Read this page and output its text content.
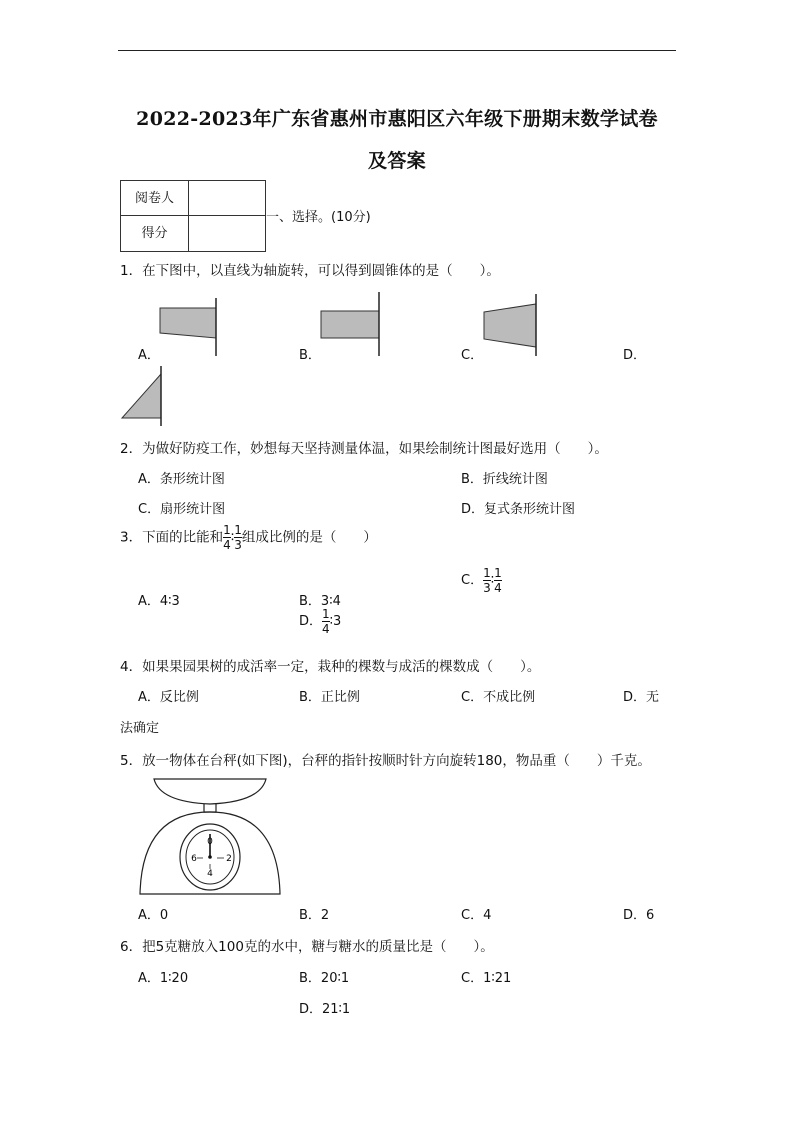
2022-2023年广东省惠州市惠阳区六年级下册期末数学试卷
及答案
阅卷人
得分
一、选择。(10分)
1．在下图中，以直线为轴旋转，可以得到圆锥体的是（　　）。
A．	B．	C．	D．
2．为做好防疫工作，妙想每天坚持测量体温，如果绘制统计图最好选用（　　）。
A．条形统计图	B．折线统计图
C．扇形统计图	D．复式条形统计图
3．下面的比能和 $\frac{1}{4}$ ∶ $\frac{1}{3}$ 组成比例的是（　　）
A．4∶3	B．3∶4
C． $\frac{1}{3}$ ∶ $\frac{1}{4}$
D． $\frac{1}{4}$ ∶3
4．如果果园果树的成活率一定，栽种的棵数与成活的棵数成（　　）。
A．反比例	B．正比例	C．不成比例	D．无
法确定
5．放一物体在台秤(如下图)，台秤的指针按顺时针方向旋转180，物品重（　　）千克。
0
2
4
6
A．0	B．2	C．4	D．6
6．把5克糖放入100克的水中，糖与糖水的质量比是（　　）。
A．1∶20	B．20∶1	C．1∶21
D．21∶1
